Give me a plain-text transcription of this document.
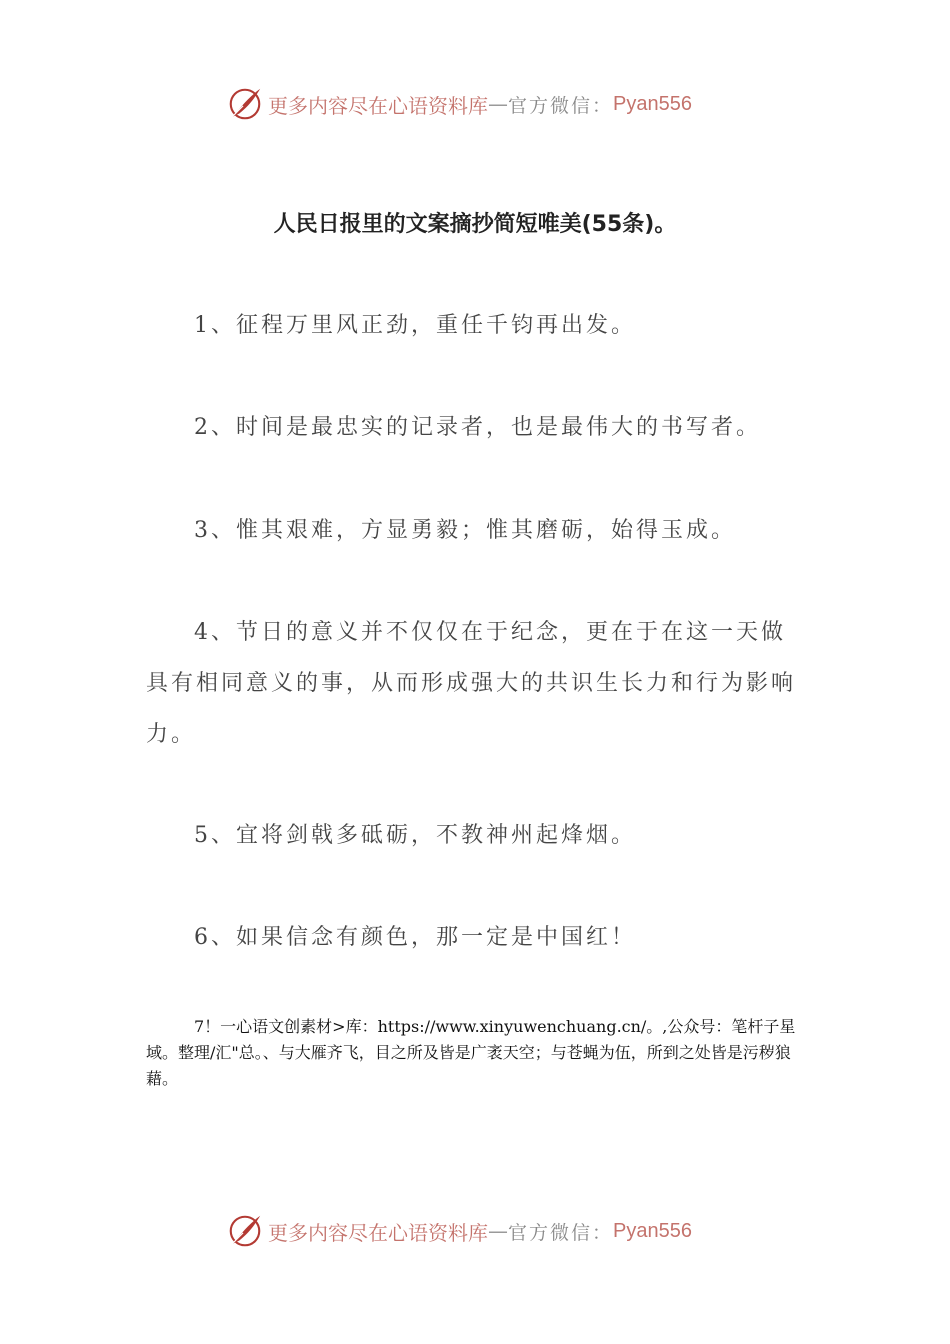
更多内容尽在心语资料库 — 官方微信： Pyan556
人民日报里的文案摘抄简短唯美(55条)。

1、征程万里风正劲，重任千钧再出发。

2、时间是最忠实的记录者，也是最伟大的书写者。

3、惟其艰难，方显勇毅；惟其磨砺，始得玉成。

4、节日的意义并不仅仅在于纪念，更在于在这一天做具有相同意义的事，从而形成强大的共识生长力和行为影响力。

5、宜将剑戟多砥砺，不教神州起烽烟。

6、如果信念有颜色，那一定是中国红！

7！一心语文创素材>库：https://www.xinyuwenchuang.cn/。,公众号：笔杆子星域。整理/汇"总。、与大雁齐飞，目之所及皆是广袤天空；与苍蝇为伍，所到之处皆是污秽狼藉。

更多内容尽在心语资料库 — 官方微信： Pyan556
